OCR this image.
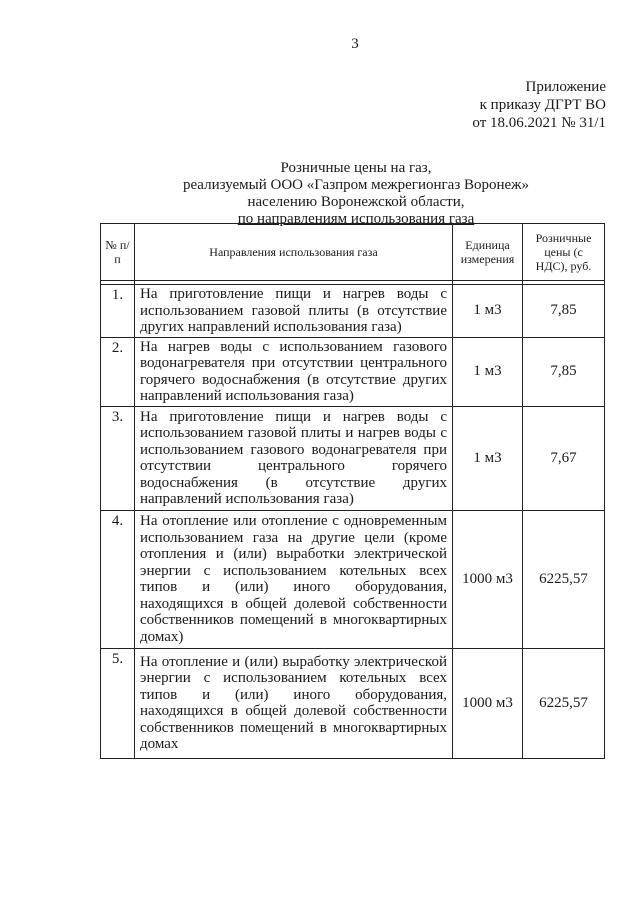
3
Приложение
к приказу ДГРТ ВО
от 18.06.2021 № 31/1
Розничные цены на газ,
реализуемый ООО «Газпром межрегионгаз Воронеж»
населению Воронежской области,
по направлениям использования газа
№ п/п	Направления использования газа	Единица измерения	Розничные цены (с НДС), руб.

1.	На приготовление пищи и нагрев воды с использованием газовой плиты (в отсутствие других направлений использования газа)	1 м3	7,85
2.	На нагрев воды с использованием газового водонагревателя при отсутствии центрального горячего водоснабжения (в отсутствие других направлений использования газа)	1 м3	7,85
3.	На приготовление пищи и нагрев воды с использованием газовой плиты и нагрев воды с использованием газового водонагревателя при отсутствии центрального горячего водоснабжения (в отсутствие других направлений использования газа)	1 м3	7,67
4.	На отопление или отопление с одновременным использованием газа на другие цели (кроме отопления и (или) выработки электрической энергии с использованием котельных всех типов и (или) иного оборудования, находящихся в общей долевой собственности собственников помещений в многоквартирных домах)	1000 м3	6225,57
5.	На отопление и (или) выработку электрической энергии с использованием котельных всех типов и (или) иного оборудования, находящихся в общей долевой собственности собственников помещений в многоквартирных домах	1000 м3	6225,57
